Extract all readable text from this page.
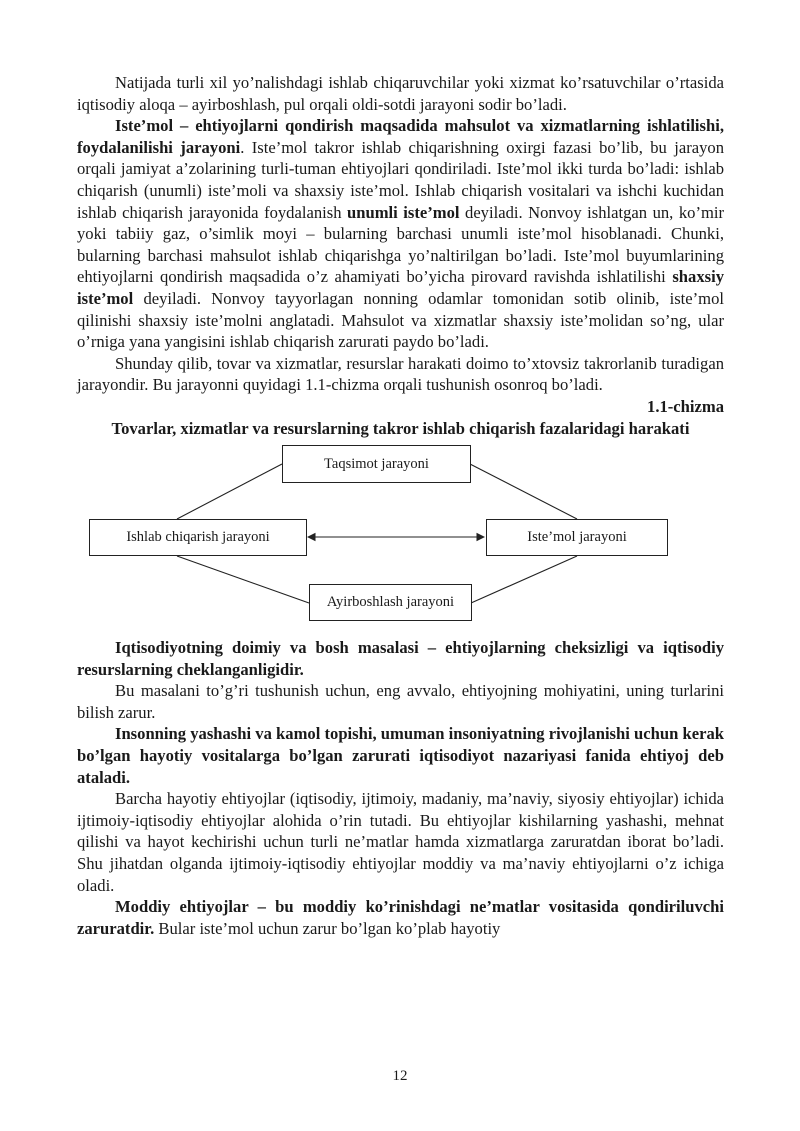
Natijada turli xil yo’nalishdagi ishlab chiqaruvchilar yoki xizmat ko’rsatuvchilar o’rtasida iqtisodiy aloqa – ayirboshlash, pul orqali oldi-sotdi jarayoni sodir bo’ladi.

Iste’mol – ehtiyojlarni qondirish maqsadida mahsulot va xizmatlarning ishlatilishi, foydalanilishi jarayoni. Iste’mol takror ishlab chiqarishning oxirgi fazasi bo’lib, bu jarayon orqali jamiyat a’zolarining turli-tuman ehtiyojlari qondiriladi. Iste’mol ikki turda bo’ladi: ishlab chiqarish (unumli) iste’moli va shaxsiy iste’mol. Ishlab chiqarish vositalari va ishchi kuchidan ishlab chiqarish jarayonida foydalanish unumli iste’mol deyiladi. Nonvoy ishlatgan un, ko’mir yoki tabiiy gaz, o’simlik moyi – bularning barchasi unumli iste’mol hisoblanadi. Chunki, bularning barchasi mahsulot ishlab chiqarishga yo’naltirilgan bo’ladi. Iste’mol buyumlarining ehtiyojlarni qondirish maqsadida o’z ahamiyati bo’yicha pirovard ravishda ishlatilishi shaxsiy iste’mol deyiladi. Nonvoy tayyorlagan nonning odamlar tomonidan sotib olinib, iste’mol qilinishi shaxsiy iste’molni anglatadi. Mahsulot va xizmatlar shaxsiy iste’molidan so’ng, ular o’rniga yana yangisini ishlab chiqarish zarurati paydo bo’ladi.

Shunday qilib, tovar va xizmatlar, resurslar harakati doimo to’xtovsiz takrorlanib turadigan jarayondir. Bu jarayonni quyidagi 1.1-chizma orqali tushunish osonroq bo’ladi.

1.1-chizma

Tovarlar, xizmatlar va resurslarning takror ishlab chiqarish fazalaridagi harakati

Taqsimot jarayoni
Ishlab chiqarish jarayoni	Iste’mol jarayoni
Ayirboshlash jarayoni

Iqtisodiyotning doimiy va bosh masalasi – ehtiyojlarning cheksizligi va iqtisodiy resurslarning cheklanganligidir.

Bu masalani to’g’ri tushunish uchun, eng avvalo, ehtiyojning mohiyatini, uning turlarini bilish zarur.

Insonning yashashi va kamol topishi, umuman insoniyatning rivojlanishi uchun kerak bo’lgan hayotiy vositalarga bo’lgan zarurati iqtisodiyot nazariyasi fanida ehtiyoj deb ataladi.

Barcha hayotiy ehtiyojlar (iqtisodiy, ijtimoiy, madaniy, ma’naviy, siyosiy ehtiyojlar) ichida ijtimoiy-iqtisodiy ehtiyojlar alohida o’rin tutadi. Bu ehtiyojlar kishilarning yashashi, mehnat qilishi va hayot kechirishi uchun turli ne’matlar hamda xizmatlarga zaruratdan iborat bo’ladi. Shu jihatdan olganda ijtimoiy-iqtisodiy ehtiyojlar moddiy va ma’naviy ehtiyojlarni o’z ichiga oladi.

Moddiy ehtiyojlar – bu moddiy ko’rinishdagi ne’matlar vositasida qondiriluvchi zaruratdir. Bular iste’mol uchun zarur bo’lgan ko’plab hayotiy

12
